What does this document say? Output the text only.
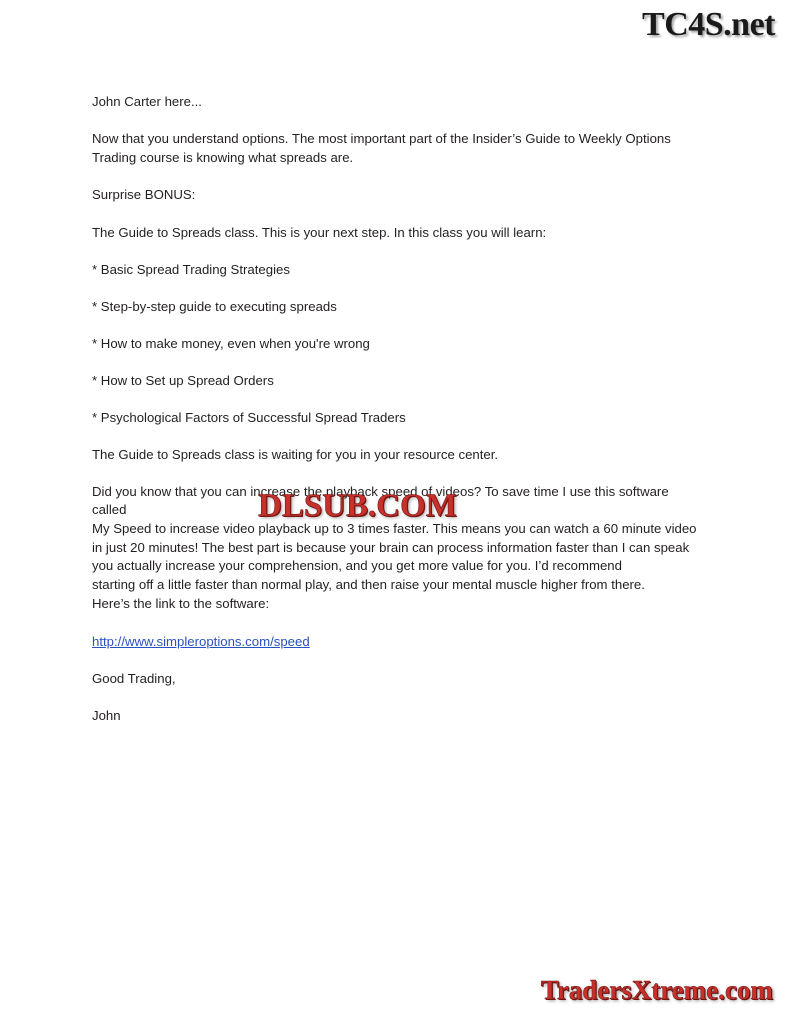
TC4S.net

John Carter here...

Now that you understand options. The most important part of the Insider’s Guide to Weekly Options Trading course is knowing what spreads are.

Surprise BONUS:

The Guide to Spreads class. This is your next step. In this class you will learn:

* Basic Spread Trading Strategies

* Step-by-step guide to executing spreads

* How to make money, even when you're wrong

* How to Set up Spread Orders

* Psychological Factors of Successful Spread Traders

The Guide to Spreads class is waiting for you in your resource center.

Did you know that you can increase the playback speed of videos? To save time I use this software called
My Speed to increase video playback up to 3 times faster. This means you can watch a 60 minute video
in just 20 minutes! The best part is because your brain can process information faster than I can speak
you actually increase your comprehension, and you get more value for you. I’d recommend
starting off a little faster than normal play, and then raise your mental muscle higher from there.
Here’s the link to the software:

http://www.simpleroptions.com/speed

Good Trading,

John

DLSUB.COM
TradersXtreme.com
